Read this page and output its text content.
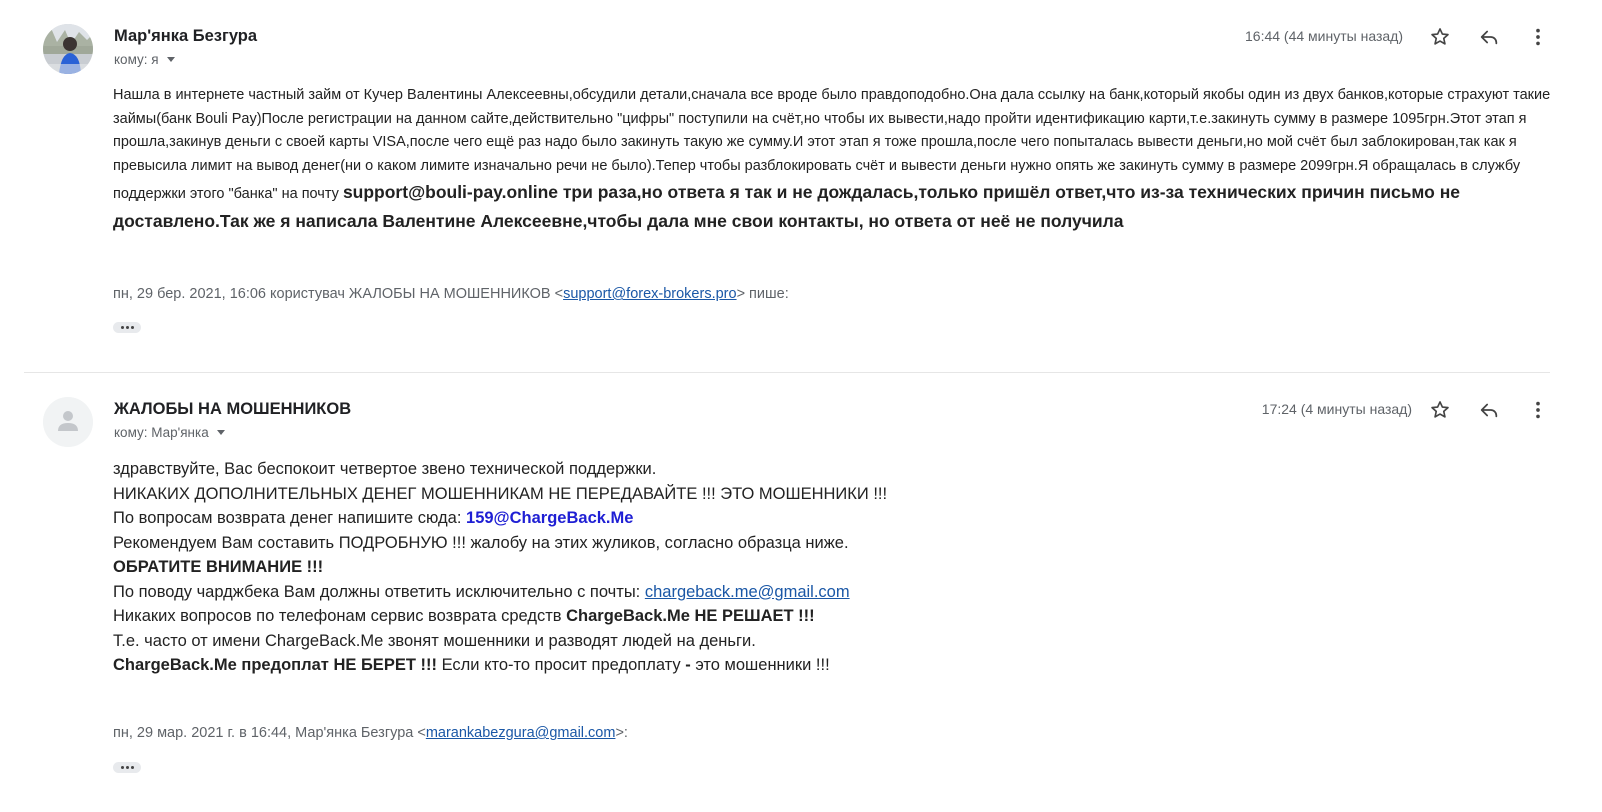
Мар'янка Безгура
кому: я
16:44 (44 минуты назад)
Нашла в интернете частный займ от Кучер Валентины Алексеевны,обсудили детали,сначала все вроде было правдоподобно.Она дала ссылку на банк,который якобы один из двух банков,которые страхуют такие займы(банк Bouli Pay)После регистрации на данном сайте,действительно "цифры" поступили на счёт,но чтобы их вывести,надо пройти идентификацию карти,т.е.закинуть сумму в размере 1095грн.Этот этап я прошла,закинув деньги с своей карты VISA,после чего ещё раз надо было закинуть такую же сумму.И этот этап я тоже прошла,после чего попыталась вывести деньги,но мой счёт был заблокирован,так как я превысила лимит на вывод денег(ни о каком лимите изначально речи не было).Тепер чтобы разблокировать счёт и вывести деньги нужно опять же закинуть сумму в размере 2099грн.Я обращалась в службу поддержки этого "банка" на почту support@bouli-pay.online три раза,но ответа я так и не дождалась,только пришёл ответ,что из-за технических причин письмо не доставлено.Так же я написала Валентине Алексеевне,чтобы дала мне свои контакты, но ответа от неё не получила
пн, 29 бер. 2021, 16:06 користувач ЖАЛОБЫ НА МОШЕННИКОВ <support@forex-brokers.pro> пише:
ЖАЛОБЫ НА МОШЕННИКОВ
кому: Мар'янка
17:24 (4 минуты назад)
здравствуйте, Вас беспокоит четвертое звено технической поддержки.
НИКАКИХ ДОПОЛНИТЕЛЬНЫХ ДЕНЕГ МОШЕННИКАМ НЕ ПЕРЕДАВАЙТЕ !!! ЭТО МОШЕННИКИ !!!
По вопросам возврата денег напишите сюда: 159@ChargeBack.Me
Рекомендуем Вам составить ПОДРОБНУЮ !!! жалобу на этих жуликов, согласно образца ниже.
ОБРАТИТЕ ВНИМАНИЕ !!!
По поводу чарджбека Вам должны ответить исключительно с почты: chargeback.me@gmail.com
Никаких вопросов по телефонам сервис возврата средств ChargeBack.Me НЕ РЕШАЕТ !!!
Т.е. часто от имени ChargeBack.Me звонят мошенники и разводят людей на деньги.
ChargeBack.Me предоплат НЕ БЕРЕТ !!! Если кто-то просит предоплату - это мошенники !!!
пн, 29 мар. 2021 г. в 16:44, Мар'янка Безгура <marankabezgura@gmail.com>:
